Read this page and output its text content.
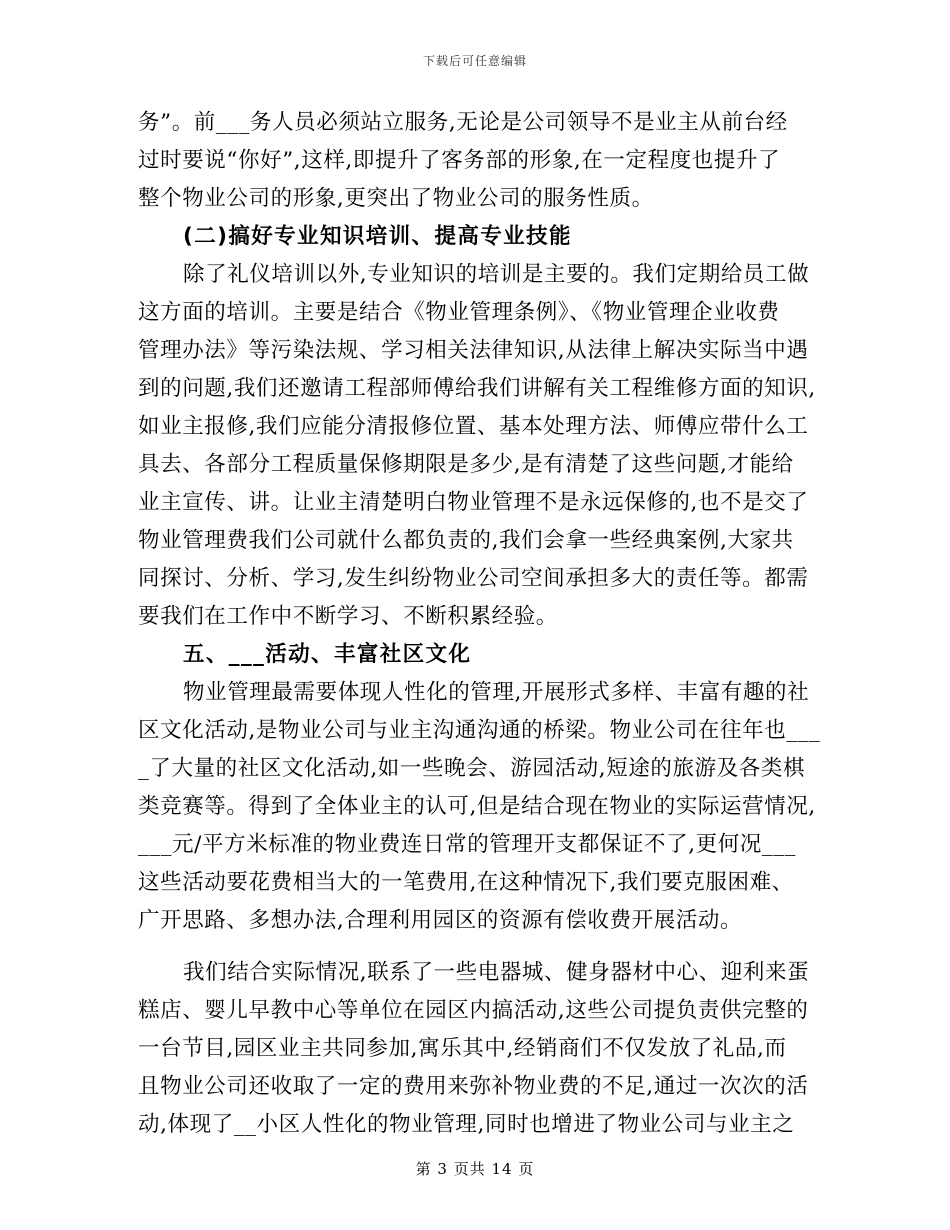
下载后可任意编辑
务”。前___务人员必须站立服务,无论是公司领导不是业主从前台经
过时要说“你好”,这样,即提升了客务部的形象,在一定程度也提升了
整个物业公司的形象,更突出了物业公司的服务性质。
(二)搞好专业知识培训、提高专业技能
除了礼仪培训以外,专业知识的培训是主要的。我们定期给员工做
这方面的培训。主要是结合《物业管理条例》、《物业管理企业收费
管理办法》等污染法规、学习相关法律知识,从法律上解决实际当中遇
到的问题,我们还邀请工程部师傅给我们讲解有关工程维修方面的知识,
如业主报修,我们应能分清报修位置、基本处理方法、师傅应带什么工
具去、各部分工程质量保修期限是多少,是有清楚了这些问题,才能给
业主宣传、讲。让业主清楚明白物业管理不是永远保修的,也不是交了
物业管理费我们公司就什么都负责的,我们会拿一些经典案例,大家共
同探讨、分析、学习,发生纠纷物业公司空间承担多大的责任等。都需
要我们在工作中不断学习、不断积累经验。
五、___活动、丰富社区文化
物业管理最需要体现人性化的管理,开展形式多样、丰富有趣的社
区文化活动,是物业公司与业主沟通沟通的桥梁。物业公司在往年也___
_了大量的社区文化活动,如一些晚会、游园活动,短途的旅游及各类棋
类竞赛等。得到了全体业主的认可,但是结合现在物业的实际运营情况,
___元/平方米标准的物业费连日常的管理开支都保证不了,更何况___
这些活动要花费相当大的一笔费用,在这种情况下,我们要克服困难、
广开思路、多想办法,合理利用园区的资源有偿收费开展活动。
我们结合实际情况,联系了一些电器城、健身器材中心、迎利来蛋
糕店、婴儿早教中心等单位在园区内搞活动,这些公司提负责供完整的
一台节目,园区业主共同参加,寓乐其中,经销商们不仅发放了礼品,而
且物业公司还收取了一定的费用来弥补物业费的不足,通过一次次的活
动,体现了__小区人性化的物业管理,同时也增进了物业公司与业主之
第 3 页共 14 页
